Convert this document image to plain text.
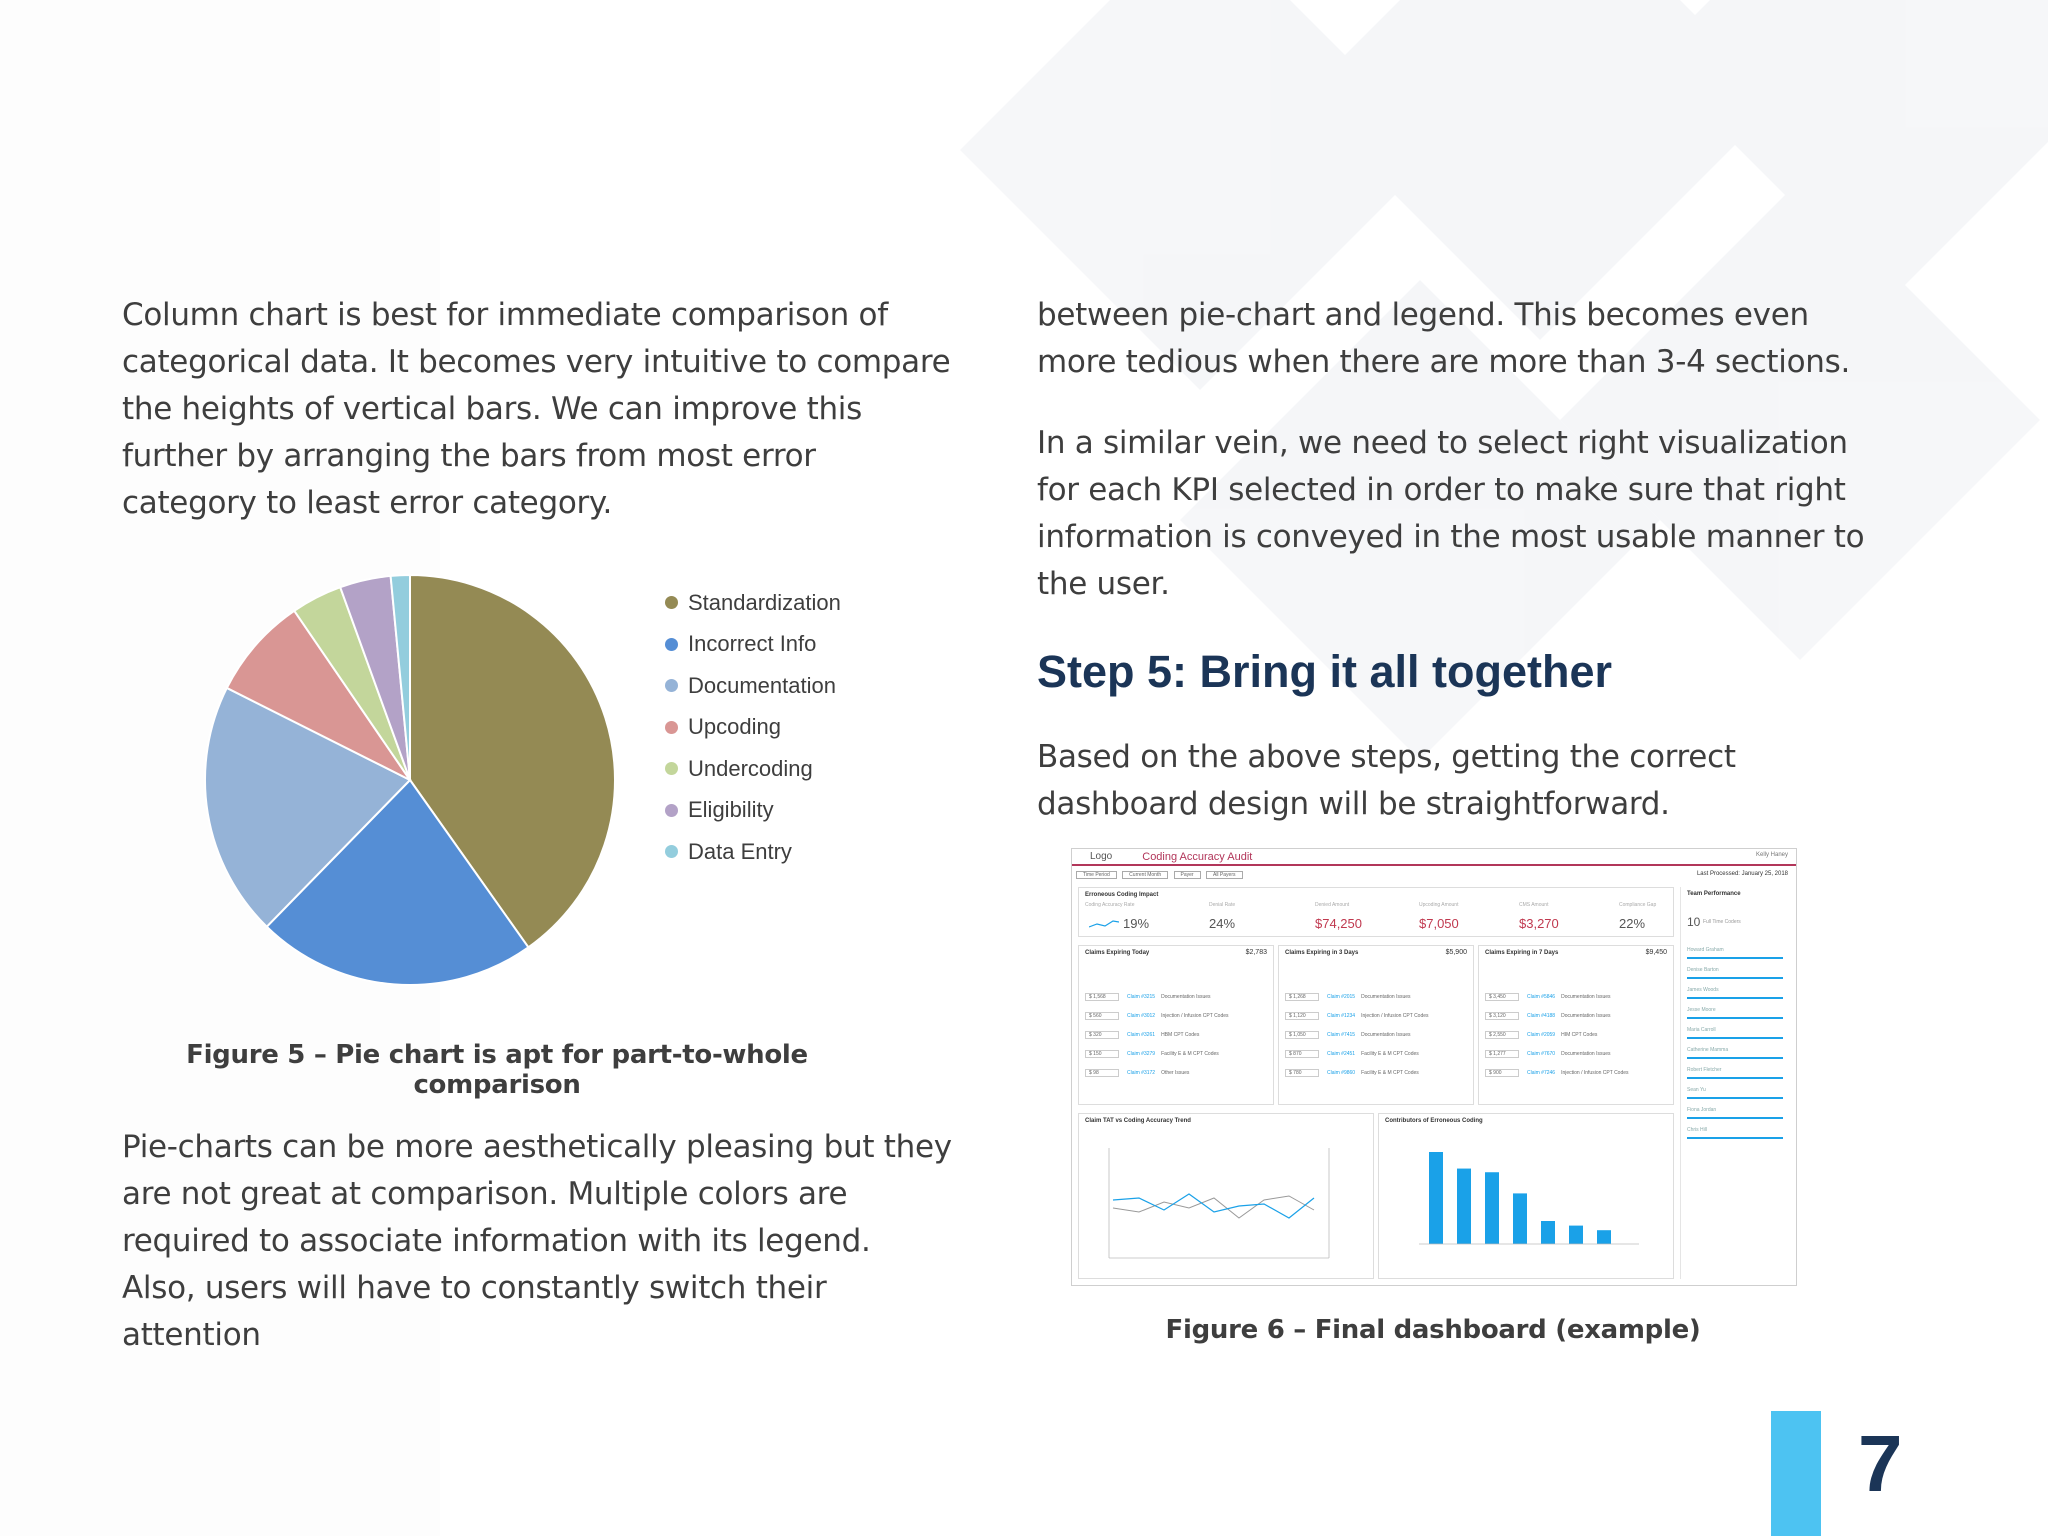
Column chart is best for immediate comparison of categorical data. It becomes very intuitive to compare the heights of vertical bars. We can improve this further by arranging the bars from most error category to least error category.

Standardization
Incorrect Info
Documentation
Upcoding
Undercoding
Eligibility
Data Entry
Figure 5 – Pie chart is apt for part-to-whole comparison

Pie-charts can be more aesthetically pleasing but they are not great at comparison. Multiple colors are required to associate information with its legend. Also, users will have to constantly switch their attention

between pie-chart and legend. This becomes even more tedious when there are more than 3-4 sections.

In a similar vein, we need to select right visualization for each KPI selected in order to make sure that right information is conveyed in the most usable manner to the user.

Step 5: Bring it all together

Based on the above steps, getting the correct dashboard design will be straightforward.

Logo	Coding Accuracy Audit	Kelly Haney
Time Period	Current Month	Payer	All Payers	Last Processed: January 25, 2018
Erroneous Coding Impact
Coding Accuracy Rate
19%
Denial Rate
24%
Denied Amount
$74,250
Upcoding Amount
$7,050
CMS Amount
$3,270
Compliance Gap
22%
Team Performance
10 Full Time Coders
Howard Graham
Denise Barton
James Woods
Jesse Moore
Maria Carroll
Catherine Mamma
Robert Fletcher
Sean Yu
Fiona Jordan
Chris Hill
Claims Expiring Today	$2,783
$ 1,568	Claim #3215 Documentation Issues
$ 560	Claim #3012 Injection / Infusion CPT Codes
$ 320	Claim #3261 HBM CPT Codes
$ 150	Claim #3279 Facility E & M CPT Codes
$ 98	Claim #3172 Other Issues
Claims Expiring in 3 Days	$5,900
$ 1,268	Claim #2015 Documentation Issues
$ 1,120	Claim #1234 Injection / Infusion CPT Codes
$ 1,050	Claim #7415 Documentation Issues
$ 870	Claim #2451 Facility E & M CPT Codes
$ 780	Claim #9860 Facility E & M CPT Codes
Claims Expiring in 7 Days	$9,450
$ 3,450	Claim #5846 Documentation Issues
$ 3,120	Claim #4188 Documentation Issues
$ 2,550	Claim #2059 HIM CPT Codes
$ 1,277	Claim #7670 Documentation Issues
$ 900	Claim #7246 Injection / Infusion CPT Codes
Claim TAT vs Coding Accuracy Trend	Contributors of Erroneous Coding
Figure 6 – Final dashboard (example)
7
